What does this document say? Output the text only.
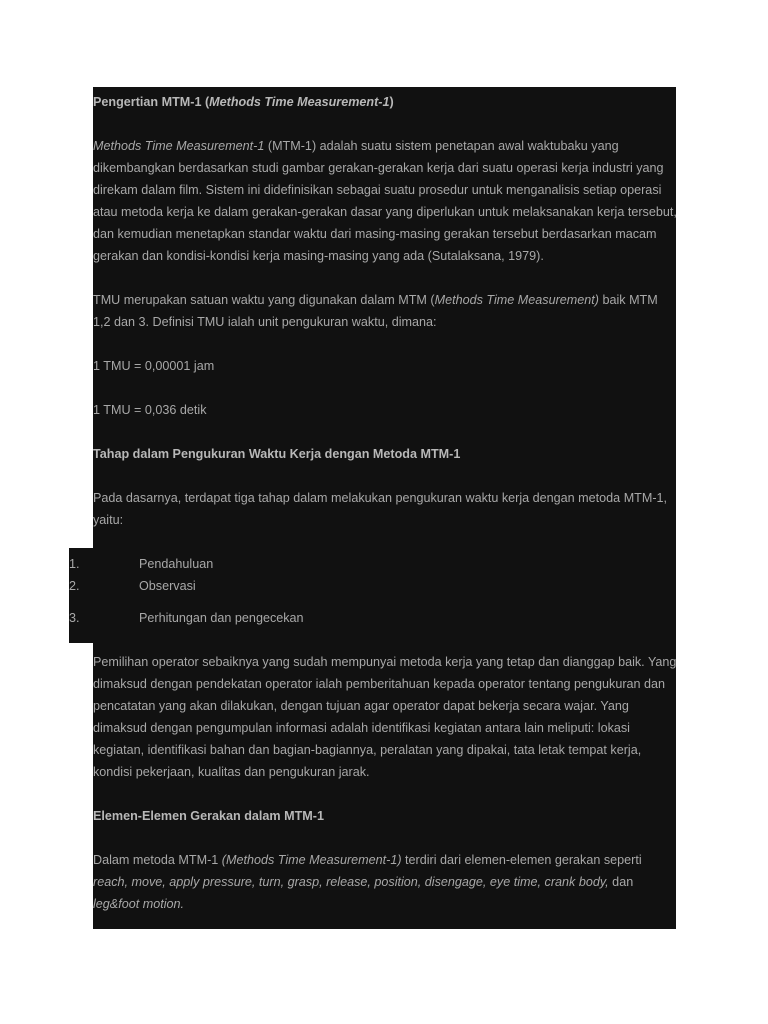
Pengertian MTM-1 (Methods Time Measurement-1)

Methods Time Measurement-1 (MTM-1) adalah suatu sistem penetapan awal waktubaku yang dikembangkan berdasarkan studi gambar gerakan-gerakan kerja dari suatu operasi kerja industri yang direkam dalam film. Sistem ini didefinisikan sebagai suatu prosedur untuk menganalisis setiap operasi atau metoda kerja ke dalam gerakan-gerakan dasar yang diperlukan untuk melaksanakan kerja tersebut, dan kemudian menetapkan standar waktu dari masing-masing gerakan tersebut berdasarkan macam gerakan dan kondisi-kondisi kerja masing-masing yang ada (Sutalaksana, 1979).

TMU merupakan satuan waktu yang digunakan dalam MTM (Methods Time Measurement) baik MTM 1,2 dan 3. Definisi TMU ialah unit pengukuran waktu, dimana:

1 TMU = 0,00001 jam

1 TMU = 0,036 detik

Tahap dalam Pengukuran Waktu Kerja dengan Metoda MTM-1

Pada dasarnya, terdapat tiga tahap dalam melakukan pengukuran waktu kerja dengan metoda MTM-1, yaitu:

1.	Pendahuluan
2.	Observasi
3.	Perhitungan dan pengecekan

Pemilihan operator sebaiknya yang sudah mempunyai metoda kerja yang tetap dan dianggap baik. Yang dimaksud dengan pendekatan operator ialah pemberitahuan kepada operator tentang pengukuran dan pencatatan yang akan dilakukan, dengan tujuan agar operator dapat bekerja secara wajar. Yang dimaksud dengan pengumpulan informasi adalah identifikasi kegiatan antara lain meliputi: lokasi kegiatan, identifikasi bahan dan bagian-bagiannya, peralatan yang dipakai, tata letak tempat kerja, kondisi pekerjaan, kualitas dan pengukuran jarak.

Elemen-Elemen Gerakan dalam MTM-1

Dalam metoda MTM-1 (Methods Time Measurement-1) terdiri dari elemen-elemen gerakan seperti reach, move, apply pressure, turn, grasp, release, position, disengage, eye time, crank body, dan leg&foot motion.
